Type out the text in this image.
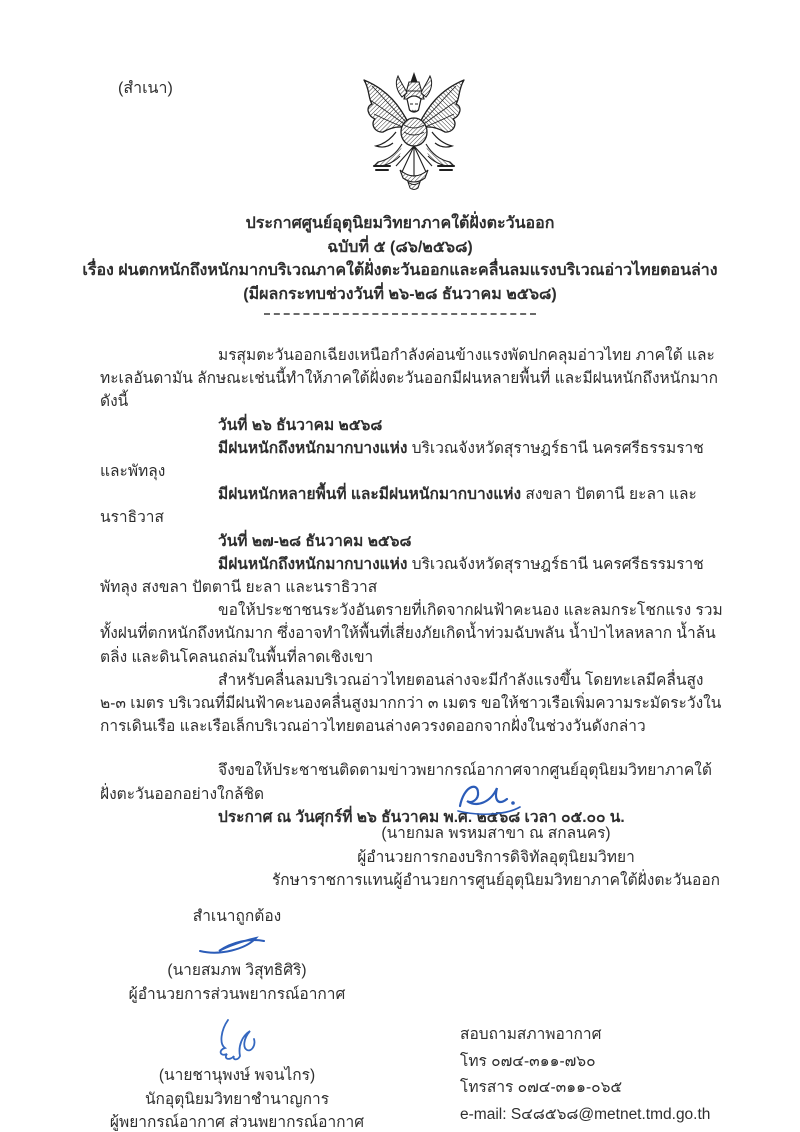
(สำเนา)
ประกาศศูนย์อุตุนิยมวิทยาภาคใต้ฝั่งตะวันออก
ฉบับที่ ๕ (๘๖/๒๕๖๘)
เรื่อง ฝนตกหนักถึงหนักมากบริเวณภาคใต้ฝั่งตะวันออกและคลื่นลมแรงบริเวณอ่าวไทยตอนล่าง
(มีผลกระทบช่วงวันที่ ๒๖-๒๘ ธันวาคม ๒๕๖๘)

มรสุมตะวันออกเฉียงเหนือกำลังค่อนข้างแรงพัดปกคลุมอ่าวไทย ภาคใต้ และทะเลอันดามัน ลักษณะเช่นนี้ทำให้ภาคใต้ฝั่งตะวันออกมีฝนหลายพื้นที่ และมีฝนหนักถึงหนักมาก ดังนี้

วันที่ ๒๖ ธันวาคม ๒๕๖๘

มีฝนหนักถึงหนักมากบางแห่ง บริเวณจังหวัดสุราษฎร์ธานี นครศรีธรรมราช และพัทลุง

มีฝนหนักหลายพื้นที่ และมีฝนหนักมากบางแห่ง สงขลา ปัตตานี ยะลา และนราธิวาส

วันที่ ๒๗-๒๘ ธันวาคม ๒๕๖๘

มีฝนหนักถึงหนักมากบางแห่ง บริเวณจังหวัดสุราษฎร์ธานี นครศรีธรรมราช พัทลุง สงขลา ปัตตานี ยะลา และนราธิวาส

ขอให้ประชาชนระวังอันตรายที่เกิดจากฝนฟ้าคะนอง และลมกระโชกแรง รวมทั้งฝนที่ตกหนักถึงหนักมาก ซึ่งอาจทำให้พื้นที่เสี่ยงภัยเกิดน้ำท่วมฉับพลัน น้ำป่าไหลหลาก น้ำล้นตลิ่ง และดินโคลนถล่มในพื้นที่ลาดเชิงเขา

สำหรับคลื่นลมบริเวณอ่าวไทยตอนล่างจะมีกำลังแรงขึ้น โดยทะเลมีคลื่นสูง ๒-๓ เมตร บริเวณที่มีฝนฟ้าคะนองคลื่นสูงมากกว่า ๓ เมตร ขอให้ชาวเรือเพิ่มความระมัดระวังในการเดินเรือ และเรือเล็กบริเวณอ่าวไทยตอนล่างควรงดออกจากฝั่งในช่วงวันดังกล่าว

จึงขอให้ประชาชนติดตามข่าวพยากรณ์อากาศจากศูนย์อุตุนิยมวิทยาภาคใต้ฝั่งตะวันออกอย่างใกล้ชิด

ประกาศ ณ วันศุกร์ที่ ๒๖ ธันวาคม พ.ศ. ๒๕๖๘ เวลา ๐๕.๐๐ น.

(นายกมล พรหมสาขา ณ สกลนคร)
ผู้อำนวยการกองบริการดิจิทัลอุตุนิยมวิทยา
รักษาราชการแทนผู้อำนวยการศูนย์อุตุนิยมวิทยาภาคใต้ฝั่งตะวันออก
สำเนาถูกต้อง
(นายสมภพ วิสุทธิศิริ)
ผู้อำนวยการส่วนพยากรณ์อากาศ
(นายชานุพงษ์ พจนไกร)
นักอุตุนิยมวิทยาชำนาญการ
ผู้พยากรณ์อากาศ ส่วนพยากรณ์อากาศ
สอบถามสภาพอากาศ
โทร ๐๗๔-๓๑๑-๗๖๐
โทรสาร ๐๗๔-๓๑๑-๐๖๕
e-mail: S๔๘๕๖๘@metnet.tmd.go.th
